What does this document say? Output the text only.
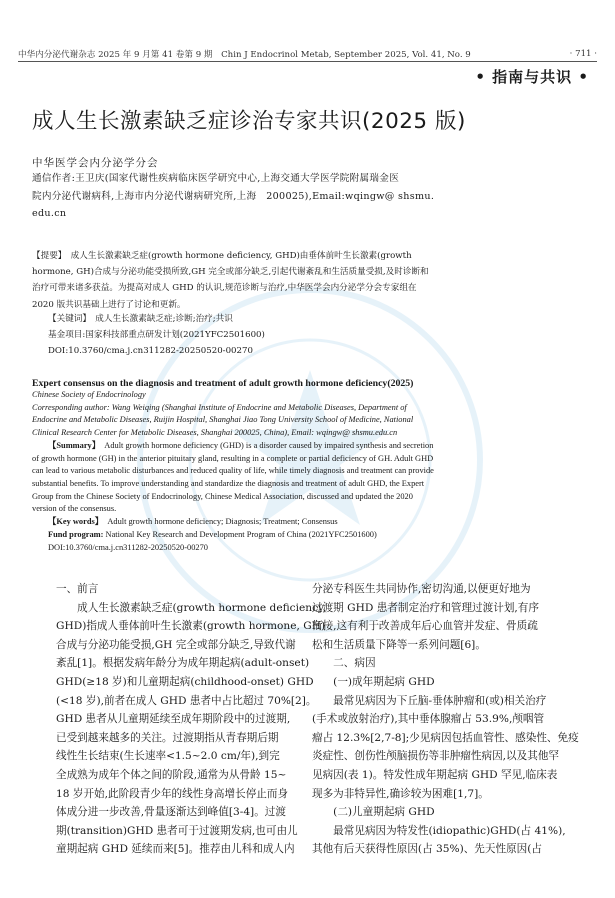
中华内分泌代谢杂志 2025 年 9 月第 41 卷第 9 期　Chin J Endocrinol Metab, September 2025, Vol. 41, No. 9	· 711 ·
• 指南与共识 •
成人生长激素缺乏症诊治专家共识(2025 版)
中华医学会内分泌学分会
通信作者:王卫庆(国家代谢性疾病临床医学研究中心,上海交通大学医学院附属瑞金医
院内分泌代谢病科,上海市内分泌代谢病研究所,上海　200025),Email:wqingw@ shsmu.
edu.cn
【提要】　成人生长激素缺乏症(growth hormone deficiency, GHD)由垂体前叶生长激素(growth
hormone, GH)合成与分泌功能受损所致,GH 完全或部分缺乏,引起代谢紊乱和生活质量受损,及时诊断和
治疗可带来诸多获益。为提高对成人 GHD 的认识,规范诊断与治疗,中华医学会内分泌学分会专家组在
2020 版共识基础上进行了讨论和更新。
【关键词】　成人生长激素缺乏症;诊断;治疗;共识
基金项目:国家科技部重点研发计划(2021YFC2501600)
DOI:10.3760/cma.j.cn311282-20250520-00270
Expert consensus on the diagnosis and treatment of adult growth hormone deficiency(2025)
Chinese Society of Endocrinology
Corresponding author: Wang Weiqing (Shanghai Institute of Endocrine and Metabolic Diseases, Department of
Endocrine and Metabolic Diseases, Ruijin Hospital, Shanghai Jiao Tong University School of Medicine, National
Clinical Research Center for Metabolic Diseases, Shanghai 200025, China), Email: wqingw@ shsmu.edu.cn
【Summary】　Adult growth hormone deficiency (GHD) is a disorder caused by impaired synthesis and secretion
of growth hormone (GH) in the anterior pituitary gland, resulting in a complete or partial deficiency of GH. Adult GHD
can lead to various metabolic disturbances and reduced quality of life, while timely diagnosis and treatment can provide
substantial benefits. To improve understanding and standardize the diagnosis and treatment of adult GHD, the Expert
Group from the Chinese Society of Endocrinology, Chinese Medical Association, discussed and updated the 2020
version of the consensus.
【Key words】　Adult growth hormone deficiency; Diagnosis; Treatment; Consensus
Fund program: National Key Research and Development Program of China (2021YFC2501600)
DOI:10.3760/cma.j.cn311282-20250520-00270
一、前言
　　成人生长激素缺乏症(growth hormone deficiency,
GHD)指成人垂体前叶生长激素(growth hormone, GH)
合成与分泌功能受损,GH 完全或部分缺乏,导致代谢
紊乱[1]。根据发病年龄分为成年期起病(adult-onset)
GHD(≥18 岁)和儿童期起病(childhood-onset) GHD
(<18 岁),前者在成人 GHD 患者中占比超过 70%[2]。
GHD 患者从儿童期延续至成年期阶段中的过渡期,
已受到越来越多的关注。过渡期指从青春期后期
线性生长结束(生长速率<1.5~2.0 cm/年),到完
全成熟为成年个体之间的阶段,通常为从骨龄 15~
18 岁开始,此阶段青少年的线性身高增长停止而身
体成分进一步改善,骨量逐渐达到峰值[3-4]。过渡
期(transition)GHD 患者可于过渡期发病,也可由儿
童期起病 GHD 延续而来[5]。推荐由儿科和成人内
分泌专科医生共同协作,密切沟通,以便更好地为
过渡期 GHD 患者制定治疗和管理过渡计划,有序
衔接,这有利于改善成年后心血管并发症、骨质疏
松和生活质量下降等一系列问题[6]。
　　二、病因
　　(一)成年期起病 GHD
　　最常见病因为下丘脑-垂体肿瘤和(或)相关治疗
(手术或放射治疗),其中垂体腺瘤占 53.9%,颅咽管
瘤占 12.3%[2,7-8];少见病因包括血管性、感染性、免疫
炎症性、创伤性颅脑损伤等非肿瘤性病因,以及其他罕
见病因(表 1)。特发性成年期起病 GHD 罕见,临床表
现多为非特异性,确诊较为困难[1,7]。
　　(二)儿童期起病 GHD
　　最常见病因为特发性(idiopathic)GHD(占 41%),
其他有后天获得性原因(占 35%)、先天性原因(占
